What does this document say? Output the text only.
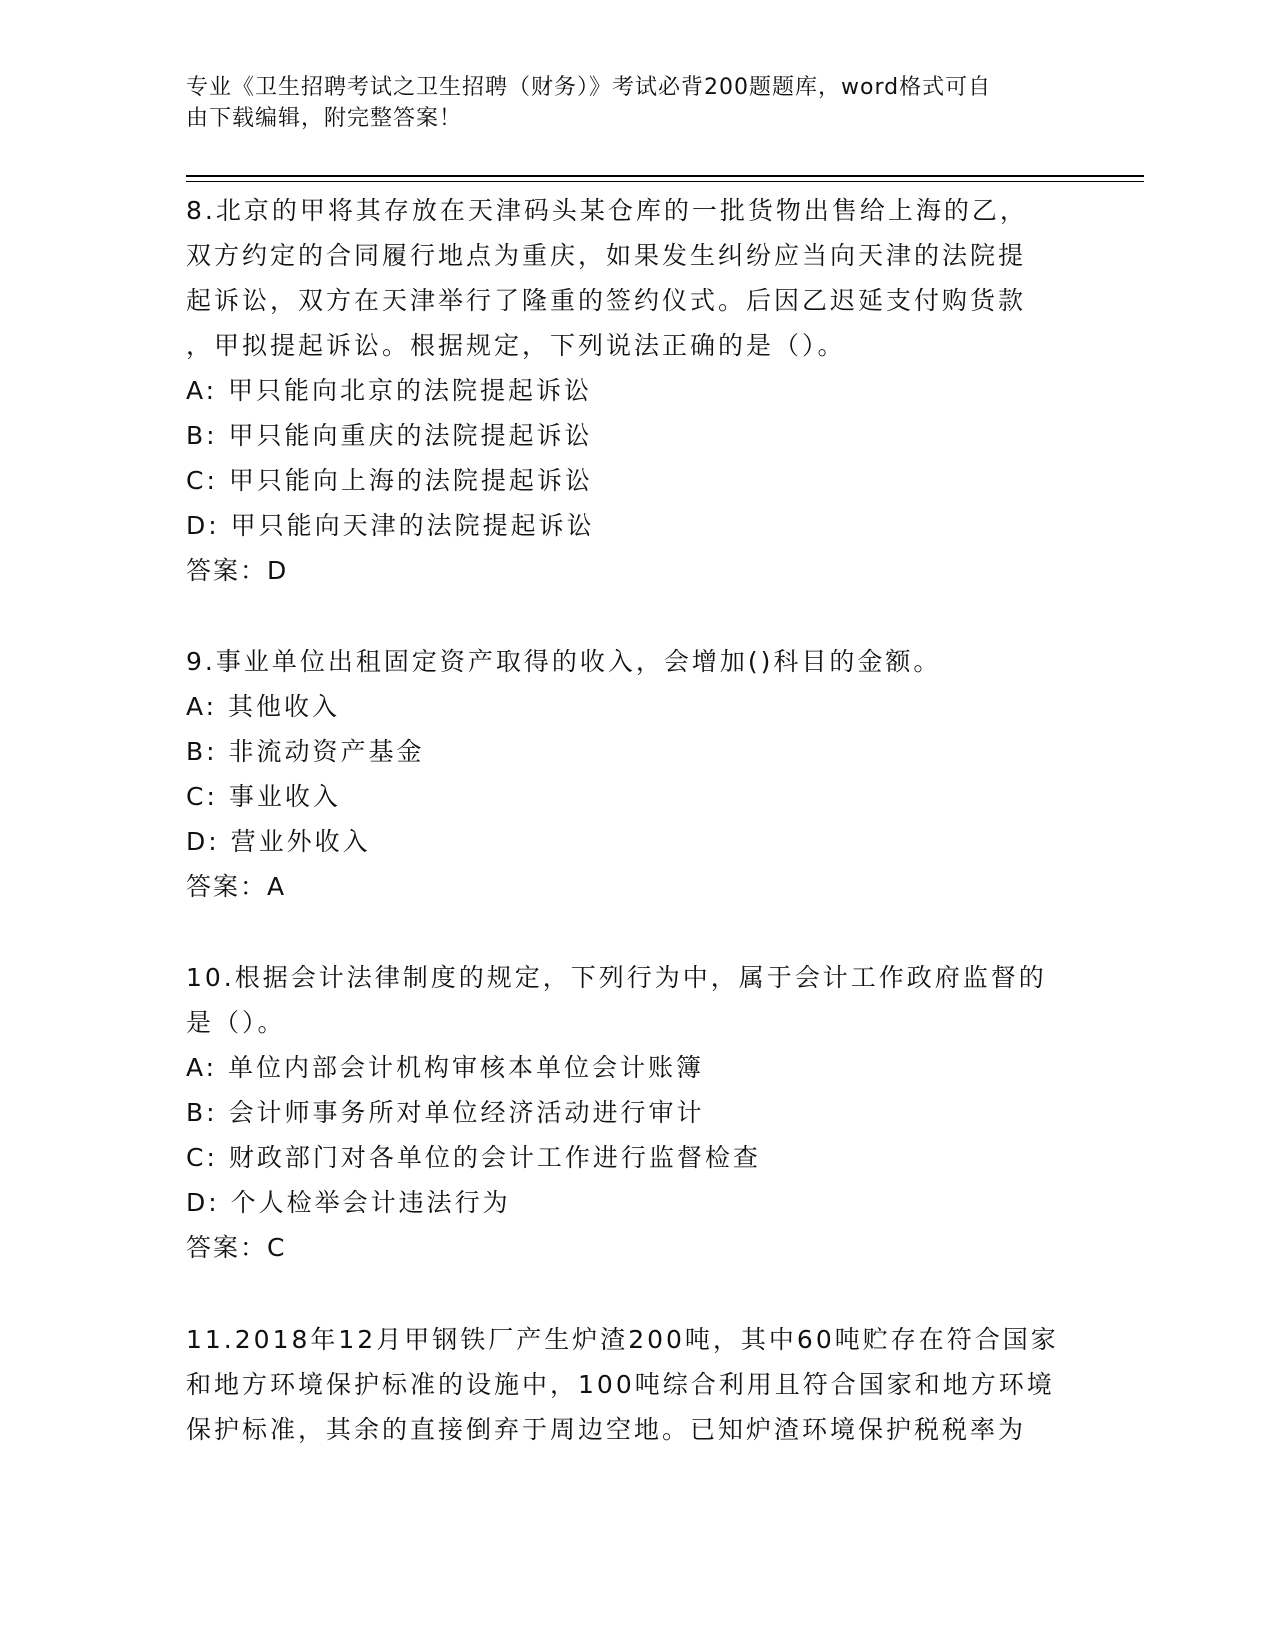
专业《卫生招聘考试之卫生招聘（财务）》考试必背200题题库，word格式可自
由下载编辑，附完整答案！
8.北京的甲将其存放在天津码头某仓库的一批货物出售给上海的乙，
双方约定的合同履行地点为重庆，如果发生纠纷应当向天津的法院提
起诉讼，双方在天津举行了隆重的签约仪式。后因乙迟延支付购货款
，甲拟提起诉讼。根据规定，下列说法正确的是（）。
A: 甲只能向北京的法院提起诉讼
B: 甲只能向重庆的法院提起诉讼
C: 甲只能向上海的法院提起诉讼
D: 甲只能向天津的法院提起诉讼
答案：D
9.事业单位出租固定资产取得的收入，会增加()科目的金额。
A: 其他收入
B: 非流动资产基金
C: 事业收入
D: 营业外收入
答案：A
10.根据会计法律制度的规定，下列行为中，属于会计工作政府监督的
是（）。
A: 单位内部会计机构审核本单位会计账簿
B: 会计师事务所对单位经济活动进行审计
C: 财政部门对各单位的会计工作进行监督检查
D: 个人检举会计违法行为
答案：C
11.2018年12月甲钢铁厂产生炉渣200吨，其中60吨贮存在符合国家
和地方环境保护标准的设施中，100吨综合利用且符合国家和地方环境
保护标准，其余的直接倒弃于周边空地。已知炉渣环境保护税税率为
